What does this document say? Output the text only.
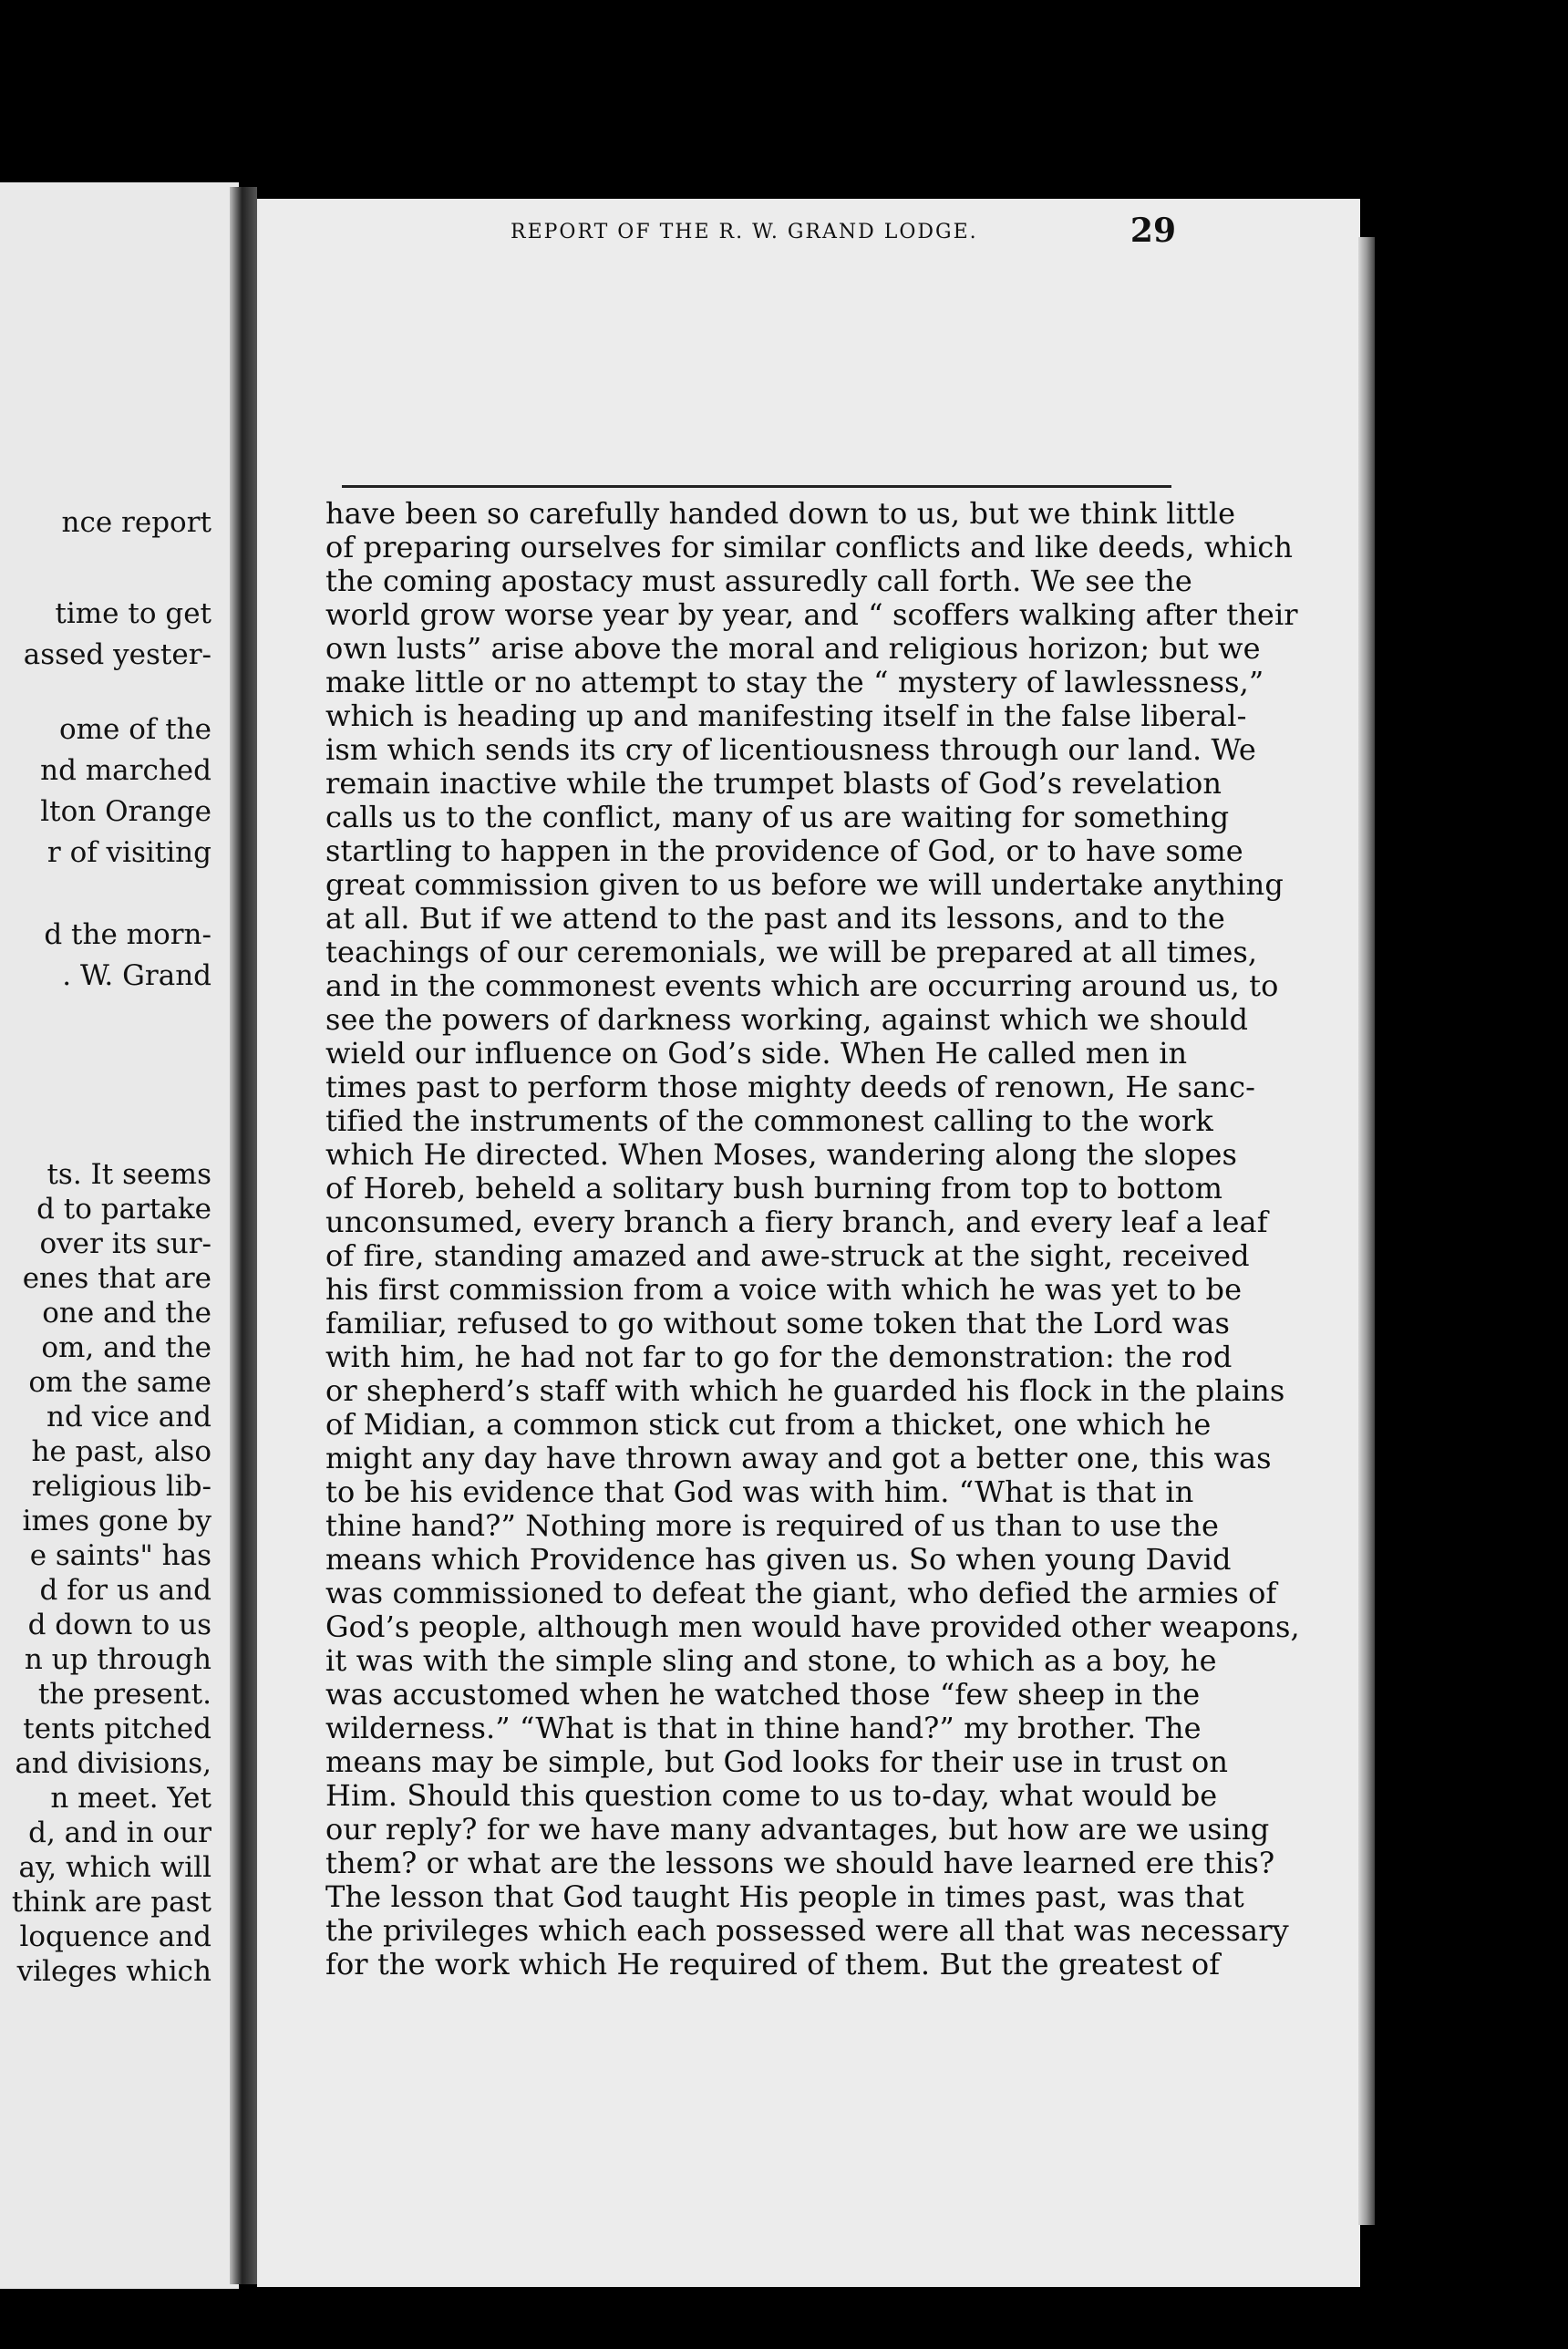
nce report
time to get
assed yester-
ome of the
nd marched
lton Orange
r of visiting
d the morn-
. W. Grand
ts. It seems
d to partake
over its sur-
enes that are
one and the
om, and the
om the same
nd vice and
he past, also
religious lib-
imes gone by
e saints" has
d for us and
d down to us
n up through
the present.
tents pitched
and divisions,
n meet. Yet
d, and in our
ay, which will
think are past
loquence and
vileges which
REPORT OF THE R. W. GRAND LODGE.	29
have been so carefully handed down to us, but we think little
of preparing ourselves for similar conflicts and like deeds, which
the coming apostacy must assuredly call forth. We see the
world grow worse year by year, and “ scoffers walking after their
own lusts” arise above the moral and religious horizon; but we
make little or no attempt to stay the “ mystery of lawlessness,”
which is heading up and manifesting itself in the false liberal-
ism which sends its cry of licentiousness through our land. We
remain inactive while the trumpet blasts of God’s revelation
calls us to the conflict, many of us are waiting for something
startling to happen in the providence of God, or to have some
great commission given to us before we will undertake anything
at all. But if we attend to the past and its lessons, and to the
teachings of our ceremonials, we will be prepared at all times,
and in the commonest events which are occurring around us, to
see the powers of darkness working, against which we should
wield our influence on God’s side. When He called men in
times past to perform those mighty deeds of renown, He sanc-
tified the instruments of the commonest calling to the work
which He directed. When Moses, wandering along the slopes
of Horeb, beheld a solitary bush burning from top to bottom
unconsumed, every branch a fiery branch, and every leaf a leaf
of fire, standing amazed and awe-struck at the sight, received
his first commission from a voice with which he was yet to be
familiar, refused to go without some token that the Lord was
with him, he had not far to go for the demonstration: the rod
or shepherd’s staff with which he guarded his flock in the plains
of Midian, a common stick cut from a thicket, one which he
might any day have thrown away and got a better one, this was
to be his evidence that God was with him. “What is that in
thine hand?” Nothing more is required of us than to use the
means which Providence has given us. So when young David
was commissioned to defeat the giant, who defied the armies of
God’s people, although men would have provided other weapons,
it was with the simple sling and stone, to which as a boy, he
was accustomed when he watched those “few sheep in the
wilderness.” “What is that in thine hand?” my brother. The
means may be simple, but God looks for their use in trust on
Him. Should this question come to us to-day, what would be
our reply? for we have many advantages, but how are we using
them? or what are the lessons we should have learned ere this?
The lesson that God taught His people in times past, was that
the privileges which each possessed were all that was necessary
for the work which He required of them. But the greatest of
